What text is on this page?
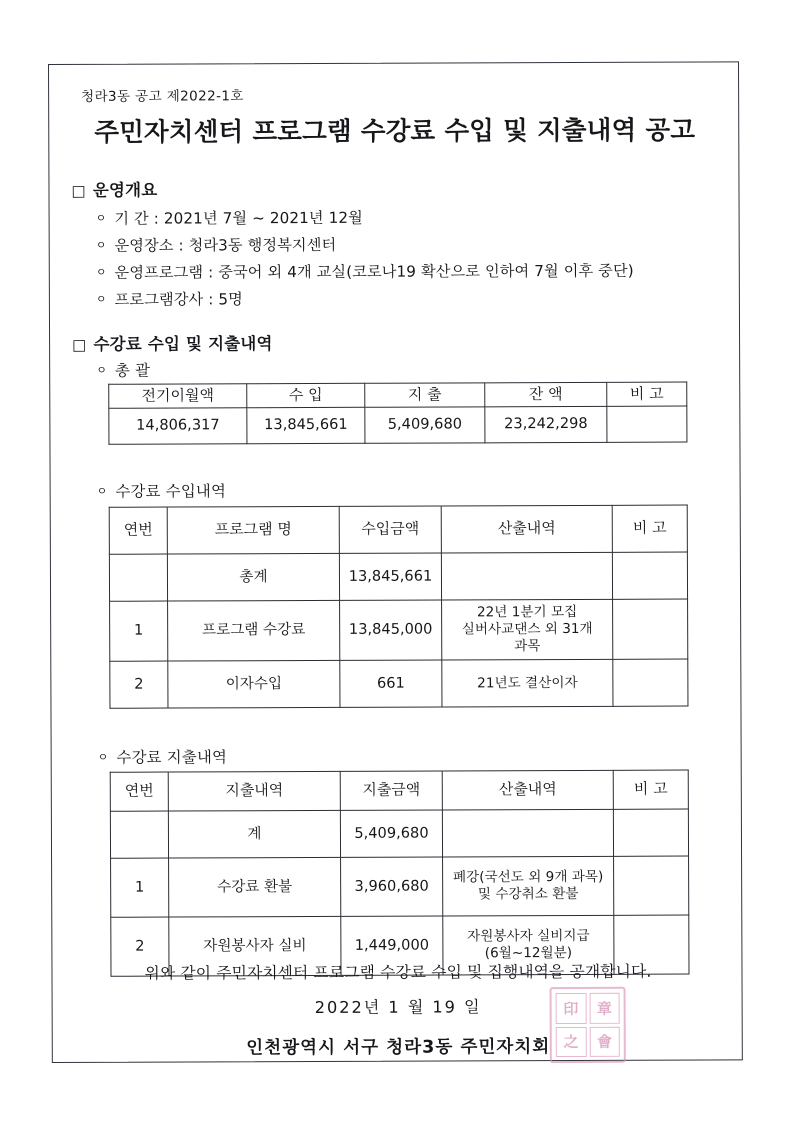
청라3동 공고 제2022-1호
주민자치센터 프로그램 수강료 수입 및 지출내역 공고
□ 운영개요
ㅇ 기 간 : 2021년 7월 ~ 2021년 12월
ㅇ 운영장소 : 청라3동 행정복지센터
ㅇ 운영프로그램 : 중국어 외 4개 교실(코로나19 확산으로 인하여 7월 이후 중단)
ㅇ 프로그램강사 : 5명
□ 수강료 수입 및 지출내역
ㅇ 총 괄
전기이월액	수 입	지 출	잔 액	비 고
14,806,317	13,845,661	5,409,680	23,242,298	
ㅇ 수강료 수입내역
연번	프로그램 명	수입금액	산출내역	비 고
	총계	13,845,661		
1	프로그램 수강료	13,845,000	22년 1분기 모집
실버사교댄스 외 31개
과목	
2	이자수입	661	21년도 결산이자	
ㅇ 수강료 지출내역
연번	지출내역	지출금액	산출내역	비 고
	계	5,409,680		
1	수강료 환불	3,960,680	폐강(국선도 외 9개 과목)
및 수강취소 환불	
2	자원봉사자 실비	1,449,000	자원봉사자 실비지급
(6월~12월분)	
위와 같이 주민자치센터 프로그램 수강료 수입 및 집행내역을 공개합니다.
2022년 1 월 19 일
인천광역시 서구 청라3동 주민자치회
印	章
之	會
